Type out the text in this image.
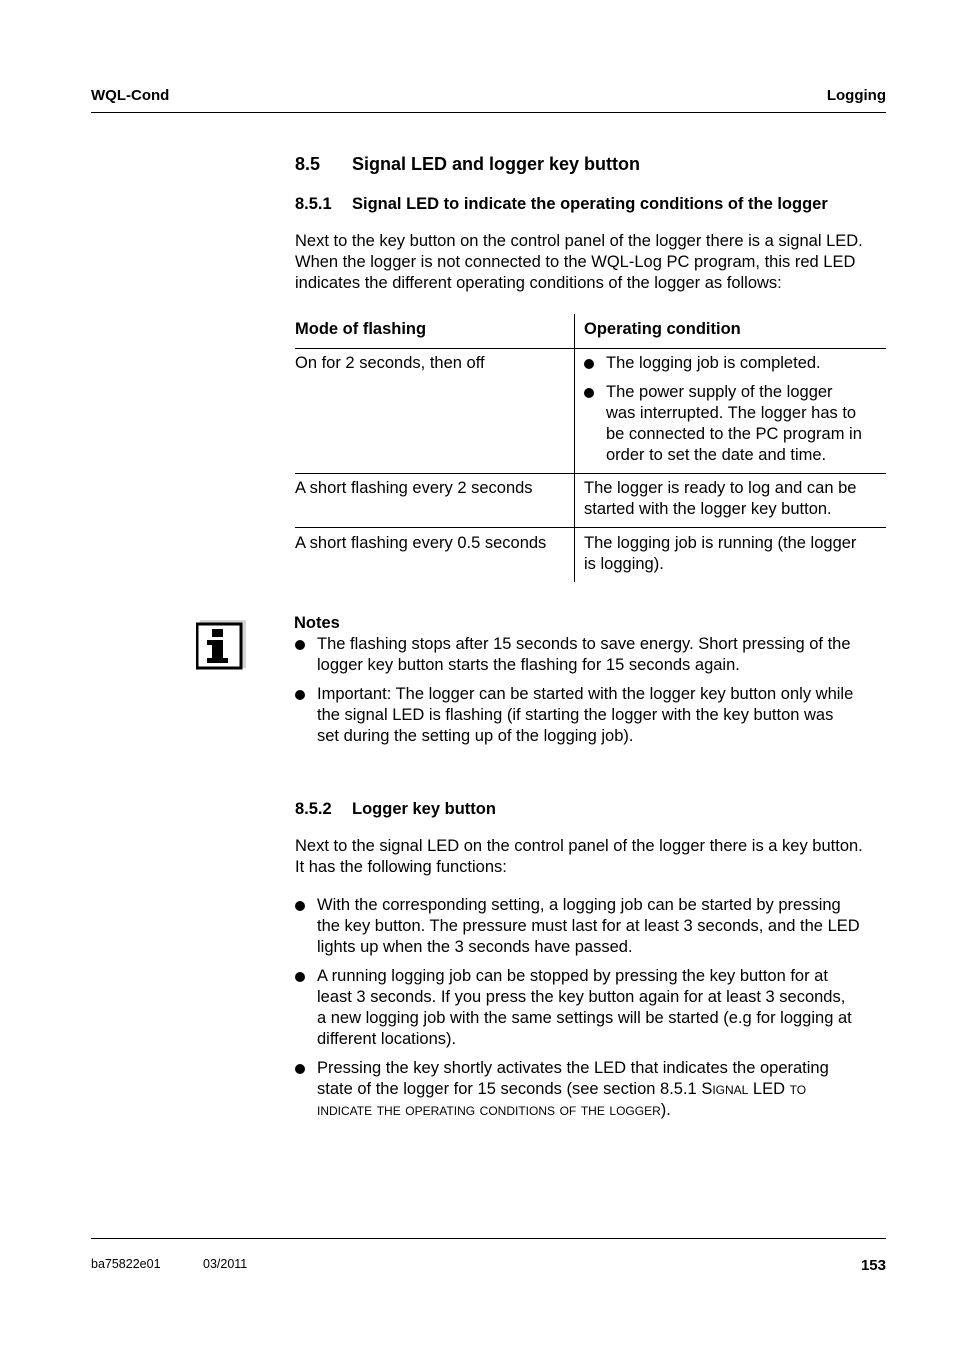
WQL-Cond	Logging
8.5 Signal LED and logger key button
8.5.1 Signal LED to indicate the operating conditions of the logger
Next to the key button on the control panel of the logger there is a signal LED.
When the logger is not connected to the WQL-Log PC program, this red LED
indicates the different operating conditions of the logger as follows:
Mode of flashing	Operating condition
On for 2 seconds, then off	The logging job is completed.
The power supply of the logger
was interrupted. The logger has to
be connected to the PC program in
order to set the date and time.
A short flashing every 2 seconds	The logger is ready to log and can be
started with the logger key button.
A short flashing every 0.5 seconds The logging job is running (the logger
is logging).
Notes
The flashing stops after 15 seconds to save energy. Short pressing of the
logger key button starts the flashing for 15 seconds again.
Important: The logger can be started with the logger key button only while
the signal LED is flashing (if starting the logger with the key button was
set during the setting up of the logging job).
8.5.2 Logger key button
Next to the signal LED on the control panel of the logger there is a key button.
It has the following functions:
With the corresponding setting, a logging job can be started by pressing
the key button. The pressure must last for at least 3 seconds, and the LED
lights up when the 3 seconds have passed.
A running logging job can be stopped by pressing the key button for at
least 3 seconds. If you press the key button again for at least 3 seconds,
a new logging job with the same settings will be started (e.g for logging at
different locations).
Pressing the key shortly activates the LED that indicates the operating
state of the logger for 15 seconds (see section 8.5.1 Signal LED to
indicate the operating conditions of the logger).
ba75822e01	03/2011	153
